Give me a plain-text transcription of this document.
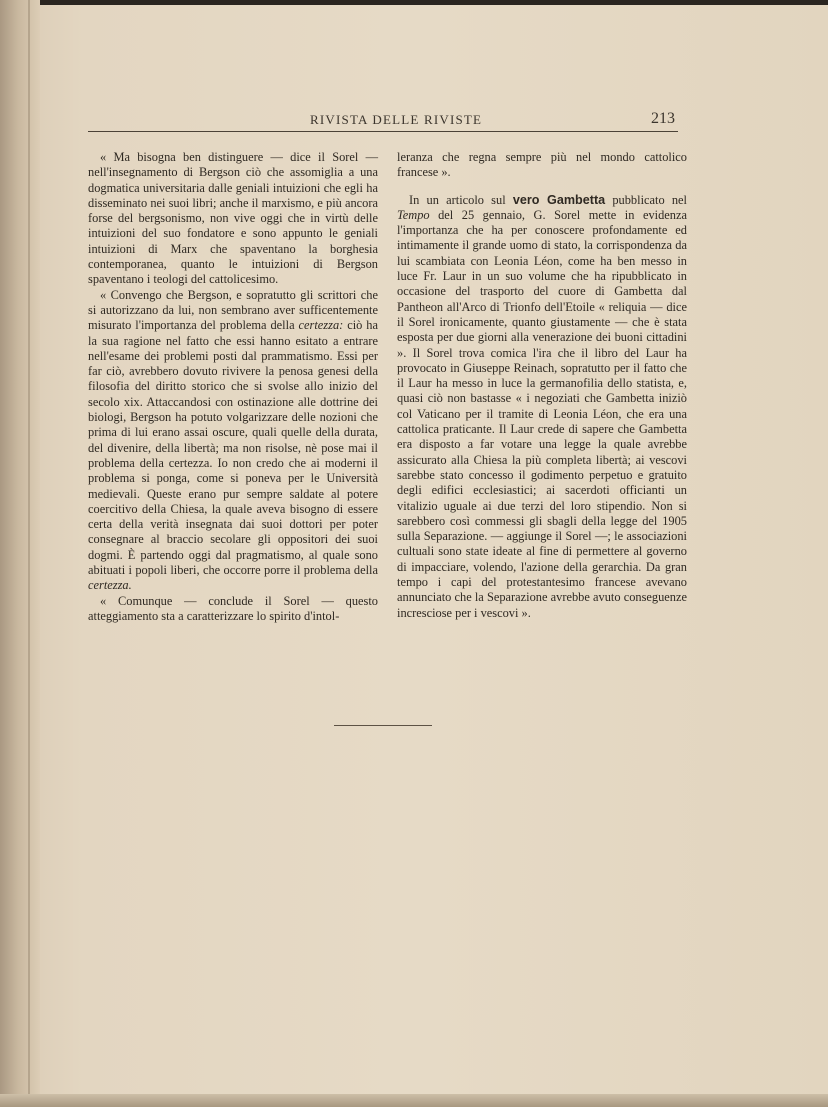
RIVISTA DELLE RIVISTE	213

« Ma bisogna ben distinguere — dice il Sorel — nell'insegnamento di Bergson ciò che assomiglia a una dogmatica universitaria dalle geniali intuizioni che egli ha disseminato nei suoi libri; anche il marxismo, e più ancora forse del bergsonismo, non vive oggi che in virtù delle intuizioni del suo fondatore e sono appunto le geniali intuizioni di Marx che spaventano la borghesia contemporanea, quanto le intuizioni di Bergson spaventano i teologi del cattolicesimo.

« Convengo che Bergson, e sopratutto gli scrittori che si autorizzano da lui, non sembrano aver sufficentemente misurato l'importanza del problema della certezza: ciò ha la sua ragione nel fatto che essi hanno esitato a entrare nell'esame dei problemi posti dal prammatismo. Essi per far ciò, avrebbero dovuto rivivere la penosa genesi della filosofia del diritto storico che si svolse allo inizio del secolo xix. Attaccandosi con ostinazione alle dottrine dei biologi, Bergson ha potuto volgarizzare delle nozioni che prima di lui erano assai oscure, quali quelle della durata, del divenire, della libertà; ma non risolse, nè pose mai il problema della certezza. Io non credo che ai moderni il problema si ponga, come si poneva per le Università medievali. Queste erano pur sempre saldate al potere coercitivo della Chiesa, la quale aveva bisogno di essere certa della verità insegnata dai suoi dottori per poter consegnare al braccio secolare gli oppositori dei suoi dogmi. È partendo oggi dal pragmatismo, al quale sono abituati i popoli liberi, che occorre porre il problema della certezza.

« Comunque — conclude il Sorel — questo atteggiamento sta a caratterizzare lo spirito d'intol-

leranza che regna sempre più nel mondo cattolico francese ».

In un articolo sul vero Gambetta pubblicato nel Tempo del 25 gennaio, G. Sorel mette in evidenza l'importanza che ha per conoscere profondamente ed intimamente il grande uomo di stato, la corrispondenza da lui scambiata con Leonia Léon, come ha ben messo in luce Fr. Laur in un suo volume che ha ripubblicato in occasione del trasporto del cuore di Gambetta dal Pantheon all'Arco di Trionfo dell'Etoile « reliquia — dice il Sorel ironicamente, quanto giustamente — che è stata esposta per due giorni alla venerazione dei buoni cittadini ». Il Sorel trova comica l'ira che il libro del Laur ha provocato in Giuseppe Reinach, sopratutto per il fatto che il Laur ha messo in luce la germanofilia dello statista, e, quasi ciò non bastasse « i negoziati che Gambetta iniziò col Vaticano per il tramite di Leonia Léon, che era una cattolica praticante. Il Laur crede di sapere che Gambetta era disposto a far votare una legge la quale avrebbe assicurato alla Chiesa la più completa libertà; ai vescovi sarebbe stato concesso il godimento perpetuo e gratuito degli edifici ecclesiastici; ai sacerdoti officianti un vitalizio uguale ai due terzi del loro stipendio. Non si sarebbero così commessi gli sbagli della legge del 1905 sulla Separazione. — aggiunge il Sorel —; le associazioni cultuali sono state ideate al fine di permettere al governo di impacciare, volendo, l'azione della gerarchia. Da gran tempo i capi del protestantesimo francese avevano annunciato che la Separazione avrebbe avuto conseguenze incresciose per i vescovi ».
